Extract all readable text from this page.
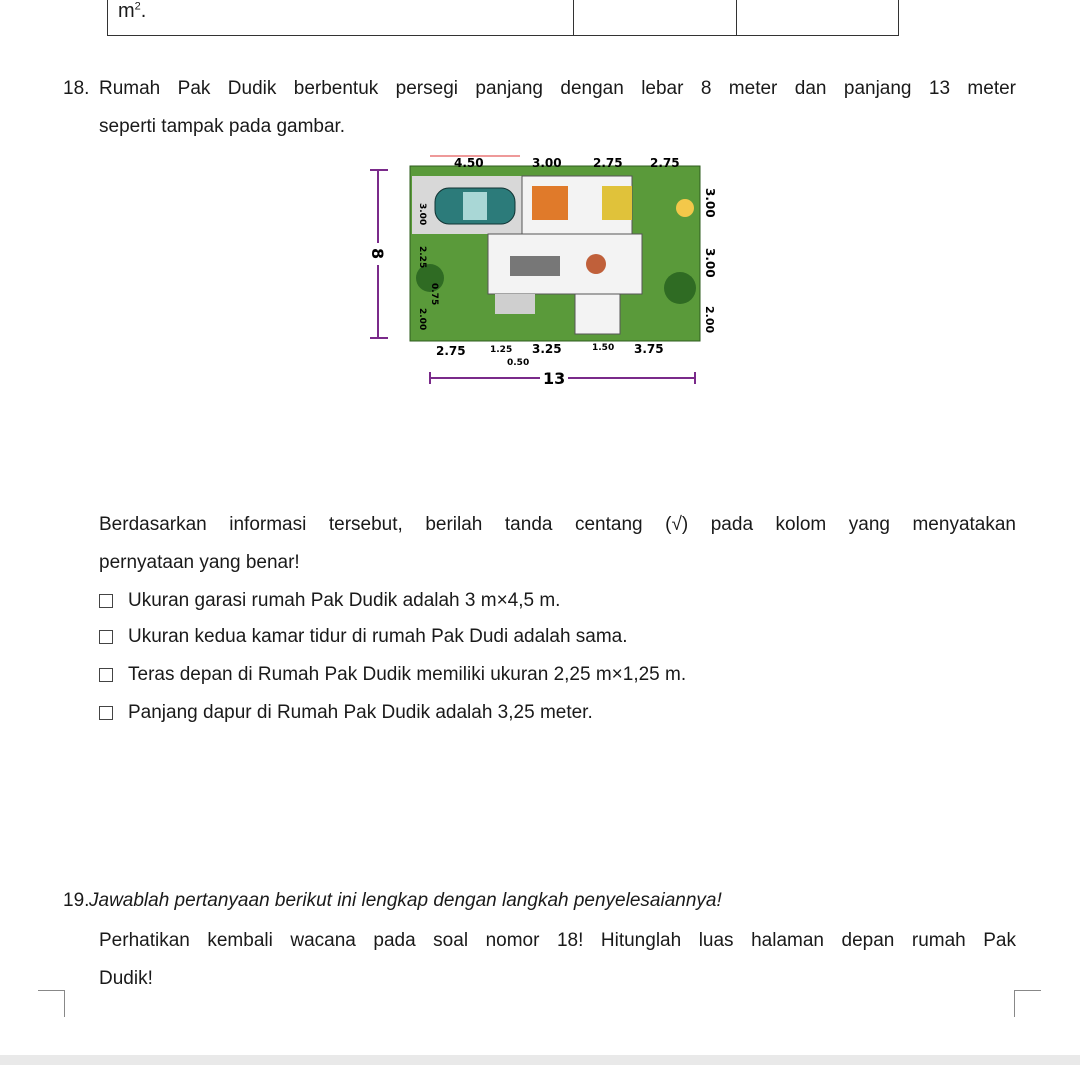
$m^2$.
18. Rumah Pak Dudik berbentuk persegi panjang dengan lebar 8 meter dan panjang 13 meter
seperti tampak pada gambar.
4.50	3.00	2.75 2.75
3.00
2.25
0.75
2.00
3.00
3.00
2.00
8
2.75	1.25 3.25	1.50 3.75
0.50
13
Berdasarkan informasi tersebut, berilah tanda centang (√) pada kolom yang menyatakan
pernyataan yang benar!
Ukuran garasi rumah Pak Dudik adalah 3 m×4,5 m.
Ukuran kedua kamar tidur di rumah Pak Dudi adalah sama.
Teras depan di Rumah Pak Dudik memiliki ukuran 2,25 m×1,25 m.
Panjang dapur di Rumah Pak Dudik adalah 3,25 meter.
19. Jawablah pertanyaan berikut ini lengkap dengan langkah penyelesaiannya!
Perhatikan kembali wacana pada soal nomor 18! Hitunglah luas halaman depan rumah Pak
Dudik!
